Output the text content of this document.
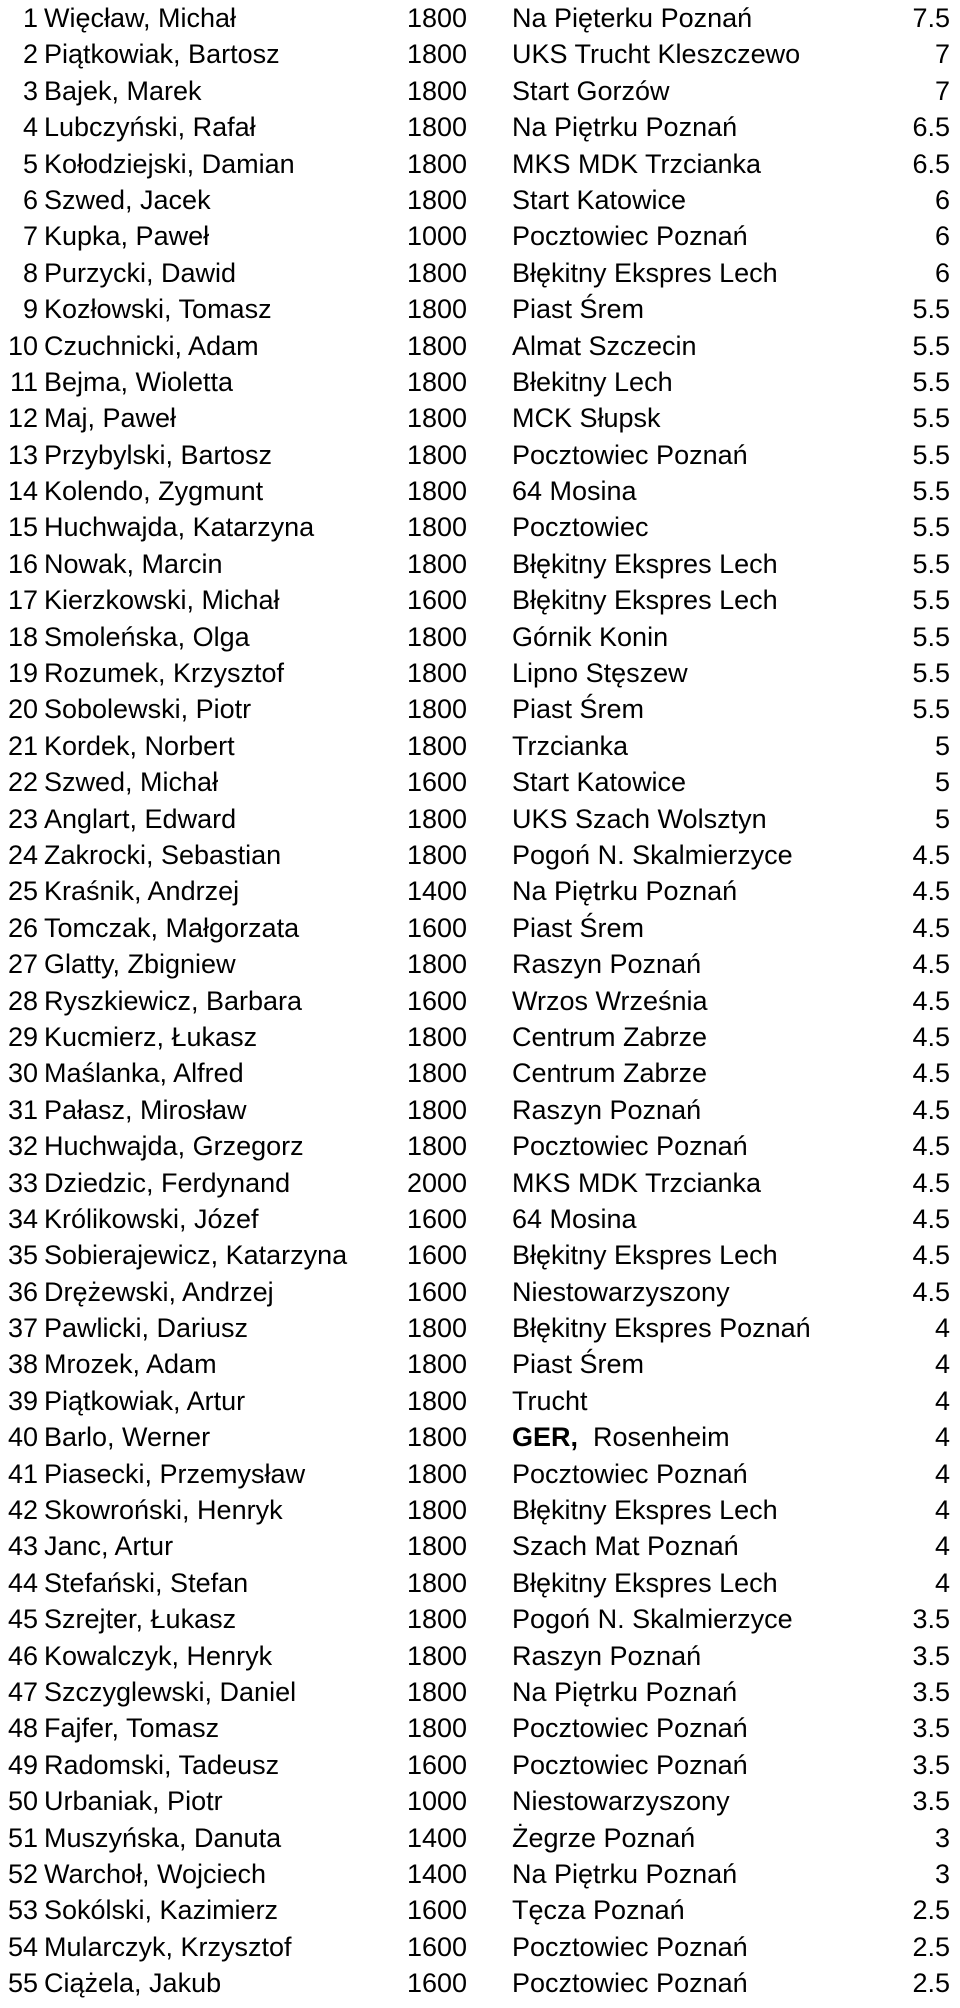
1 Więcław, Michał	1800 Na Pięterku Poznań	7.5
2 Piątkowiak, Bartosz	1800 UKS Trucht Kleszczewo	7
3 Bajek, Marek	1800 Start Gorzów	7
4 Lubczyński, Rafał	1800 Na Piętrku Poznań	6.5
5 Kołodziejski, Damian	1800 MKS MDK Trzcianka	6.5
6 Szwed, Jacek	1800 Start Katowice	6
7 Kupka, Paweł	1000 Pocztowiec Poznań	6
8 Purzycki, Dawid	1800 Błękitny Ekspres Lech	6
9 Kozłowski, Tomasz	1800 Piast Śrem	5.5
10 Czuchnicki, Adam	1800 Almat Szczecin	5.5
11 Bejma, Wioletta	1800 Błekitny Lech	5.5
12 Maj, Paweł	1800 MCK Słupsk	5.5
13 Przybylski, Bartosz	1800 Pocztowiec Poznań	5.5
14 Kolendo, Zygmunt	1800 64 Mosina	5.5
15 Huchwajda, Katarzyna	1800 Pocztowiec	5.5
16 Nowak, Marcin	1800 Błękitny Ekspres Lech	5.5
17 Kierzkowski, Michał	1600 Błękitny Ekspres Lech	5.5
18 Smoleńska, Olga	1800 Górnik Konin	5.5
19 Rozumek, Krzysztof	1800 Lipno Stęszew	5.5
20 Sobolewski, Piotr	1800 Piast Śrem	5.5
21 Kordek, Norbert	1800 Trzcianka	5
22 Szwed, Michał	1600 Start Katowice	5
23 Anglart, Edward	1800 UKS Szach Wolsztyn	5
24 Zakrocki, Sebastian	1800 Pogoń N. Skalmierzyce	4.5
25 Kraśnik, Andrzej	1400 Na Piętrku Poznań	4.5
26 Tomczak, Małgorzata	1600 Piast Śrem	4.5
27 Glatty, Zbigniew	1800 Raszyn Poznań	4.5
28 Ryszkiewicz, Barbara	1600 Wrzos Września	4.5
29 Kucmierz, Łukasz	1800 Centrum Zabrze	4.5
30 Maślanka, Alfred	1800 Centrum Zabrze	4.5
31 Pałasz, Mirosław	1800 Raszyn Poznań	4.5
32 Huchwajda, Grzegorz	1800 Pocztowiec Poznań	4.5
33 Dziedzic, Ferdynand	2000 MKS MDK Trzcianka	4.5
34 Królikowski, Józef	1600 64 Mosina	4.5
35 Sobierajewicz, Katarzyna 1600 Błękitny Ekspres Lech	4.5
36 Drężewski, Andrzej	1600 Niestowarzyszony	4.5
37 Pawlicki, Dariusz	1800 Błękitny Ekspres Poznań	4
38 Mrozek, Adam	1800 Piast Śrem	4
39 Piątkowiak, Artur	1800 Trucht	4
40 Barlo, Werner	1800 GER, Rosenheim	4
41 Piasecki, Przemysław	1800 Pocztowiec Poznań	4
42 Skowroński, Henryk	1800 Błękitny Ekspres Lech	4
43 Janc, Artur	1800 Szach Mat Poznań	4
44 Stefański, Stefan	1800 Błękitny Ekspres Lech	4
45 Szrejter, Łukasz	1800 Pogoń N. Skalmierzyce	3.5
46 Kowalczyk, Henryk	1800 Raszyn Poznań	3.5
47 Szczyglewski, Daniel	1800 Na Piętrku Poznań	3.5
48 Fajfer, Tomasz	1800 Pocztowiec Poznań	3.5
49 Radomski, Tadeusz	1600 Pocztowiec Poznań	3.5
50 Urbaniak, Piotr	1000 Niestowarzyszony	3.5
51 Muszyńska, Danuta	1400 Żegrze Poznań	3
52 Warchoł, Wojciech	1400 Na Piętrku Poznań	3
53 Sokólski, Kazimierz	1600 Tęcza Poznań	2.5
54 Mularczyk, Krzysztof	1600 Pocztowiec Poznań	2.5
55 Ciążela, Jakub	1600 Pocztowiec Poznań	2.5
